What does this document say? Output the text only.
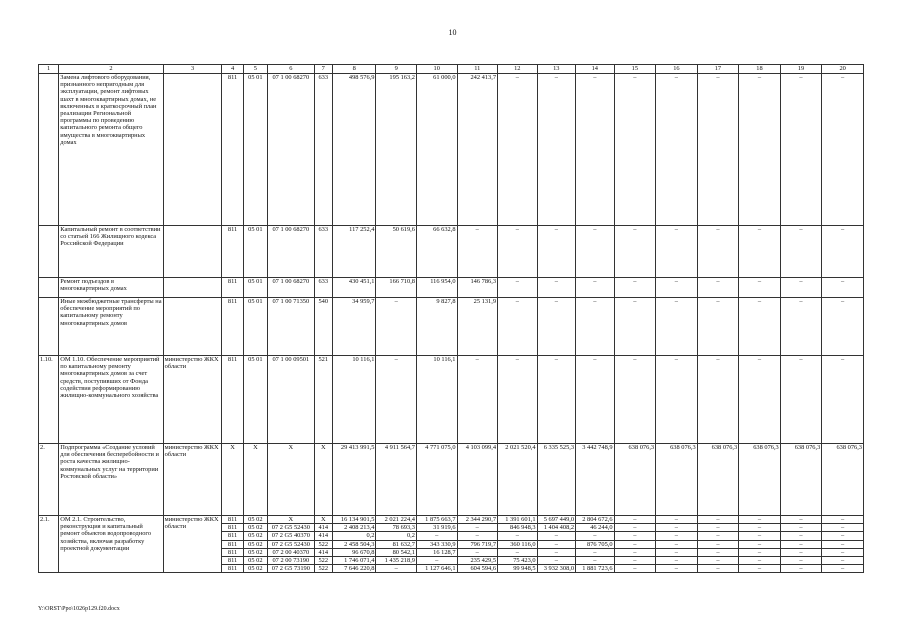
10
1	2	3	4	5	6	7	8	9	10	11	12	13	14	15	16	17	18	19	20
	Замена лифтового оборудования, признанного непригодным для эксплуатации, ремонт лифтовых шахт в многоквартирных домах, не включенных в краткосрочный план реализации Региональной программы по проведению капитального ремонта общего имущества в многоквартирных домах		811	05 01	07 1 00 68270	633	498 576,9	195 163,2	61 000,0	242 413,7	–	–	–	–	–	–	–	–	–
	Капитальный ремонт в соответствии со статьей 166 Жилищного кодекса Российской Федерации		811	05 01	07 1 00 68270	633	117 252,4	50 619,6	66 632,8	–	–	–	–	–	–	–	–	–	–
	Ремонт подъездов в многоквартирных домах		811	05 01	07 1 00 68270	633	430 451,1	166 710,8	116 954,0	146 786,3	–	–	–	–	–	–	–	–	–
	Иные межбюджетные трансферты на обеспечение мероприятий по капитальному ремонту многоквартирных домов		811	05 01	07 1 00 71350	540	34 959,7	–	9 827,8	25 131,9	–	–	–	–	–	–	–	–	–
1.10.	ОМ 1.10. Обеспечение мероприятий по капитальному ремонту многоквартирных домов за счет средств, поступивших от Фонда содействия реформированию жилищно-коммунального хозяйства	министерство ЖКХ области	811	05 01	07 1 00 09501	521	10 116,1	–	10 116,1	–	–	–	–	–	–	–	–	–	–
2.	Подпрограмма «Создание условий для обеспечения бесперебойности и роста качества жилищно-коммунальных услуг на территории Ростовской области»	министерство ЖКХ области	Х	Х	Х	Х	29 413 991,5	4 911 564,7	4 771 075,0	4 103 099,4	2 021 520,4	6 335 525,3	3 442 748,9	638 076,3	638 076,3	638 076,3	638 076,3	638 076,3	638 076,3
2.1.	ОМ 2.1. Строительство, реконструкция и капитальный ремонт объектов водопроводного хозяйства, включая разработку проектной документации	министерство ЖКХ области	811	05 02	Х	Х	16 134 901,5	2 021 224,4	1 875 663,7	2 344 290,7	1 391 601,1	5 697 449,0	2 804 672,6	–	–	–	–	–	–
			811	05 02	07 2 G5 52430	414	2 408 213,4	78 693,3	31 919,6	–	846 948,3	1 404 408,2	46 244,0	–	–	–	–	–	–
			811	05 02	07 2 G5 40370	414	0,2	0,2	–	–	–	–	–	–	–	–	–	–	–
			811	05 02	07 2 G5 52430	522	2 458 504,3	81 632,7	343 330,9	796 719,7	360 116,0	–	876 705,0	–	–	–	–	–	–
			811	05 02	07 2 00 40370	414	96 670,8	80 542,1	16 128,7	–	–	–	–	–	–	–	–	–	–
			811	05 02	07 2 00 73190	522	1 746 071,4	1 435 218,9	–	235 429,5	75 423,0	–	–	–	–	–	–	–	–
			811	05 02	07 2 G5 73190	522	7 646 220,8	–	1 127 646,1	604 594,6	99 948,5	3 932 308,0	1 881 723,6	–	–	–	–	–	–
Y:\ORST\Ppo\1026p129.f20.docx
